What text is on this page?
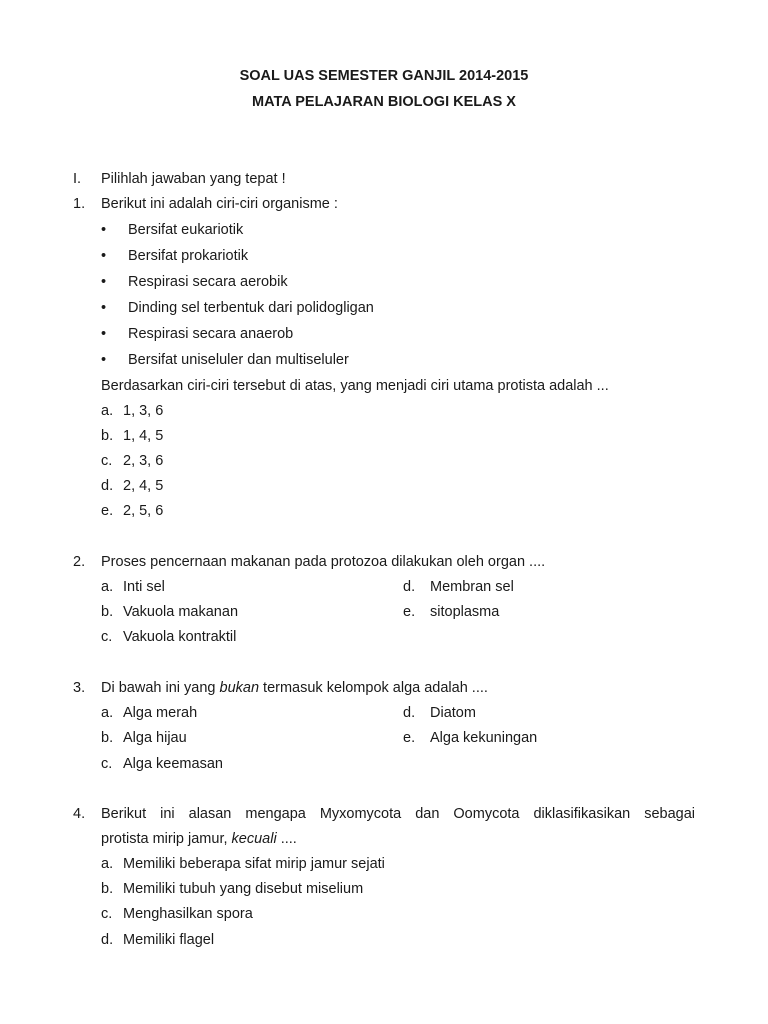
SOAL UAS SEMESTER GANJIL 2014-2015
MATA PELAJARAN BIOLOGI KELAS X
I. Pilihlah jawaban yang tepat !
1. Berikut ini adalah ciri-ciri organisme :
• Bersifat eukariotik
• Bersifat prokariotik
• Respirasi secara aerobik
• Dinding sel terbentuk dari polidogligan
• Respirasi secara anaerob
• Bersifat uniseluler dan multiseluler
Berdasarkan ciri-ciri tersebut di atas, yang menjadi ciri utama protista adalah ...
a. 1, 3, 6
b. 1, 4, 5
c. 2, 3, 6
d. 2, 4, 5
e. 2, 5, 6
2. Proses pencernaan makanan pada protozoa dilakukan oleh organ ....
a. Inti sel
b. Vakuola makanan
c. Vakuola kontraktil
d. Membran sel
e. sitoplasma
3. Di bawah ini yang bukan termasuk kelompok alga adalah ....
a. Alga merah
b. Alga hijau
c. Alga keemasan
d. Diatom
e. Alga kekuningan
4. Berikut ini alasan mengapa Myxomycota dan Oomycota diklasifikasikan sebagai
protista mirip jamur, kecuali ....
a. Memiliki beberapa sifat mirip jamur sejati
b. Memiliki tubuh yang disebut miselium
c. Menghasilkan spora
d. Memiliki flagel
